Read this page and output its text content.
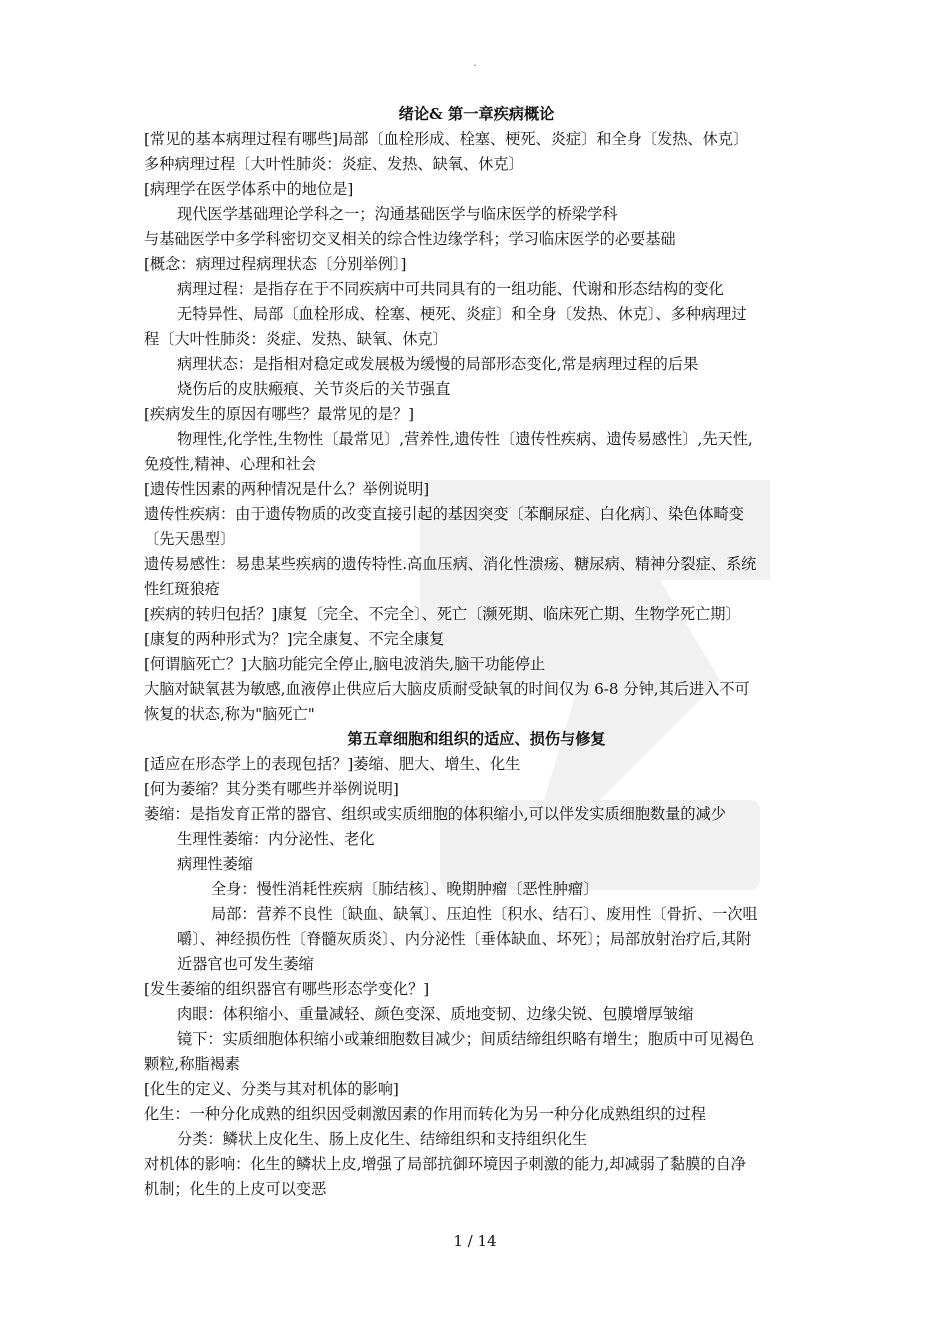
.
绪论& 第一章疾病概论
[常见的基本病理过程有哪些]局部〔血栓形成、栓塞、梗死、炎症〕和全身〔发热、休克〕
多种病理过程〔大叶性肺炎：炎症、发热、缺氧、休克〕
[病理学在医学体系中的地位是]
现代医学基础理论学科之一；沟通基础医学与临床医学的桥梁学科
与基础医学中多学科密切交叉相关的综合性边缘学科；学习临床医学的必要基础
[概念：病理过程病理状态〔分别举例〕]
病理过程：是指存在于不同疾病中可共同具有的一组功能、代谢和形态结构的变化
无特异性、局部〔血栓形成、栓塞、梗死、炎症〕和全身〔发热、休克〕、多种病理过
程〔大叶性肺炎：炎症、发热、缺氧、休克〕
病理状态：是指相对稳定或发展极为缓慢的局部形态变化,常是病理过程的后果
烧伤后的皮肤瘢痕、关节炎后的关节强直
[疾病发生的原因有哪些？最常见的是？]
物理性,化学性,生物性〔最常见〕,营养性,遗传性〔遗传性疾病、遗传易感性〕,先天性,
免疫性,精神、心理和社会
[遗传性因素的两种情况是什么？举例说明]
遗传性疾病：由于遗传物质的改变直接引起的基因突变〔苯酮尿症、白化病〕、染色体畸变
〔先天愚型〕
遗传易感性：易患某些疾病的遗传特性.高血压病、消化性溃疡、糖尿病、精神分裂症、系统
性红斑狼疮
[疾病的转归包括？]康复〔完全、不完全〕、死亡〔濒死期、临床死亡期、生物学死亡期〕
[康复的两种形式为？]完全康复、不完全康复
[何谓脑死亡？]大脑功能完全停止,脑电波消失,脑干功能停止
大脑对缺氧甚为敏感,血液停止供应后大脑皮质耐受缺氧的时间仅为 6-8 分钟,其后进入不可
恢复的状态,称为"脑死亡"
第五章细胞和组织的适应、损伤与修复
[适应在形态学上的表现包括？]萎缩、肥大、增生、化生
[何为萎缩？其分类有哪些并举例说明]
萎缩：是指发育正常的器官、组织或实质细胞的体积缩小,可以伴发实质细胞数量的减少
生理性萎缩：内分泌性、老化
病理性萎缩
全身：慢性消耗性疾病〔肺结核〕、晚期肿瘤〔恶性肿瘤〕
局部：营养不良性〔缺血、缺氧〕、压迫性〔积水、结石〕、废用性〔骨折、一次咀
嚼〕、神经损伤性〔脊髓灰质炎〕、内分泌性〔垂体缺血、坏死〕；局部放射治疗后,其附
近器官也可发生萎缩
[发生萎缩的组织器官有哪些形态学变化？]
肉眼：体积缩小、重量减轻、颜色变深、质地变韧、边缘尖锐、包膜增厚皱缩
镜下：实质细胞体积缩小或兼细胞数目减少；间质结缔组织略有增生；胞质中可见褐色
颗粒,称脂褐素
[化生的定义、分类与其对机体的影响]
化生：一种分化成熟的组织因受刺激因素的作用而转化为另一种分化成熟组织的过程
分类：鳞状上皮化生、肠上皮化生、结缔组织和支持组织化生
对机体的影响：化生的鳞状上皮,增强了局部抗御环境因子刺激的能力,却减弱了黏膜的自净
机制；化生的上皮可以变恶
1 / 14
